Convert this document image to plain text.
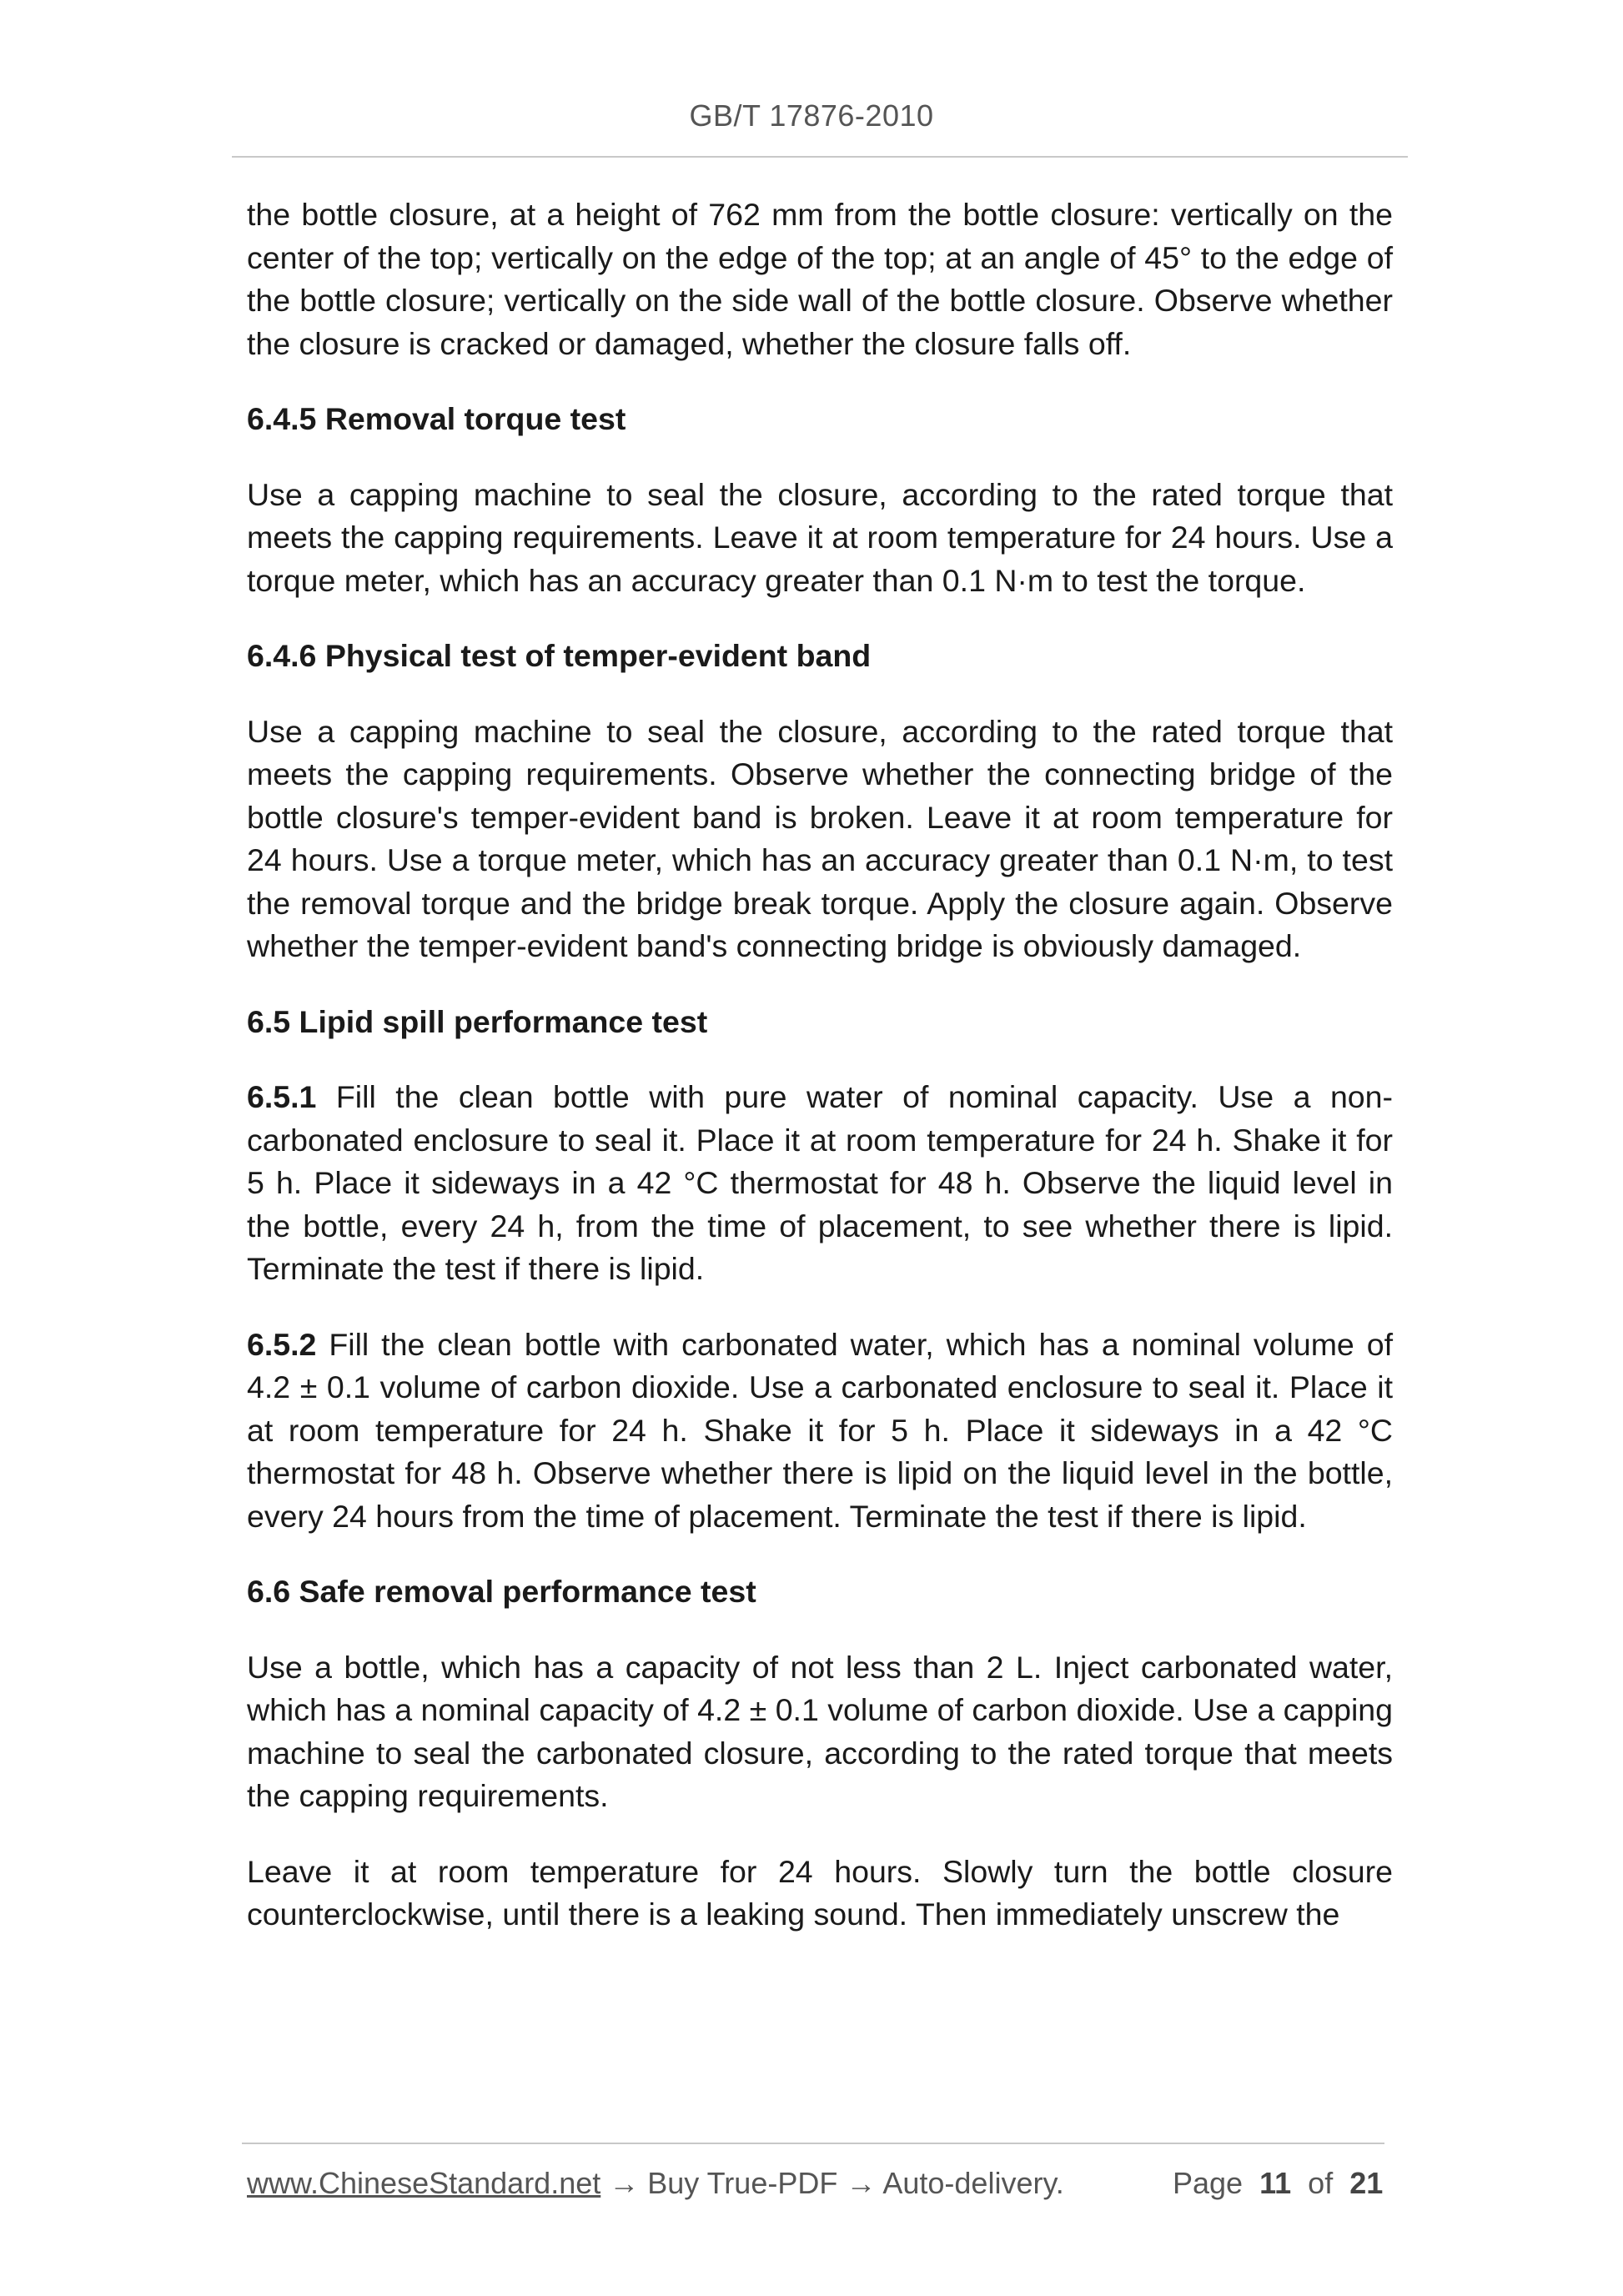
GB/T 17876-2010

the bottle closure, at a height of 762 mm from the bottle closure: vertically on the center of the top; vertically on the edge of the top; at an angle of 45° to the edge of the bottle closure; vertically on the side wall of the bottle closure. Observe whether the closure is cracked or damaged, whether the closure falls off.

6.4.5 Removal torque test

Use a capping machine to seal the closure, according to the rated torque that meets the capping requirements. Leave it at room temperature for 24 hours. Use a torque meter, which has an accuracy greater than 0.1 N·m to test the torque.

6.4.6 Physical test of temper-evident band

Use a capping machine to seal the closure, according to the rated torque that meets the capping requirements. Observe whether the connecting bridge of the bottle closure's temper-evident band is broken. Leave it at room temperature for 24 hours. Use a torque meter, which has an accuracy greater than 0.1 N·m, to test the removal torque and the bridge break torque. Apply the closure again. Observe whether the temper-evident band's connecting bridge is obviously damaged.

6.5 Lipid spill performance test

6.5.1 Fill the clean bottle with pure water of nominal capacity. Use a non-carbonated enclosure to seal it. Place it at room temperature for 24 h. Shake it for 5 h. Place it sideways in a 42 °C thermostat for 48 h. Observe the liquid level in the bottle, every 24 h, from the time of placement, to see whether there is lipid. Terminate the test if there is lipid.

6.5.2 Fill the clean bottle with carbonated water, which has a nominal volume of 4.2 ± 0.1 volume of carbon dioxide. Use a carbonated enclosure to seal it. Place it at room temperature for 24 h. Shake it for 5 h. Place it sideways in a 42 °C thermostat for 48 h. Observe whether there is lipid on the liquid level in the bottle, every 24 hours from the time of placement. Terminate the test if there is lipid.

6.6 Safe removal performance test

Use a bottle, which has a capacity of not less than 2 L. Inject carbonated water, which has a nominal capacity of 4.2 ± 0.1 volume of carbon dioxide. Use a capping machine to seal the carbonated closure, according to the rated torque that meets the capping requirements.

Leave it at room temperature for 24 hours. Slowly turn the bottle closure counterclockwise, until there is a leaking sound. Then immediately unscrew the

www.ChineseStandard.net → Buy True-PDF → Auto-delivery.	Page 11 of 21
